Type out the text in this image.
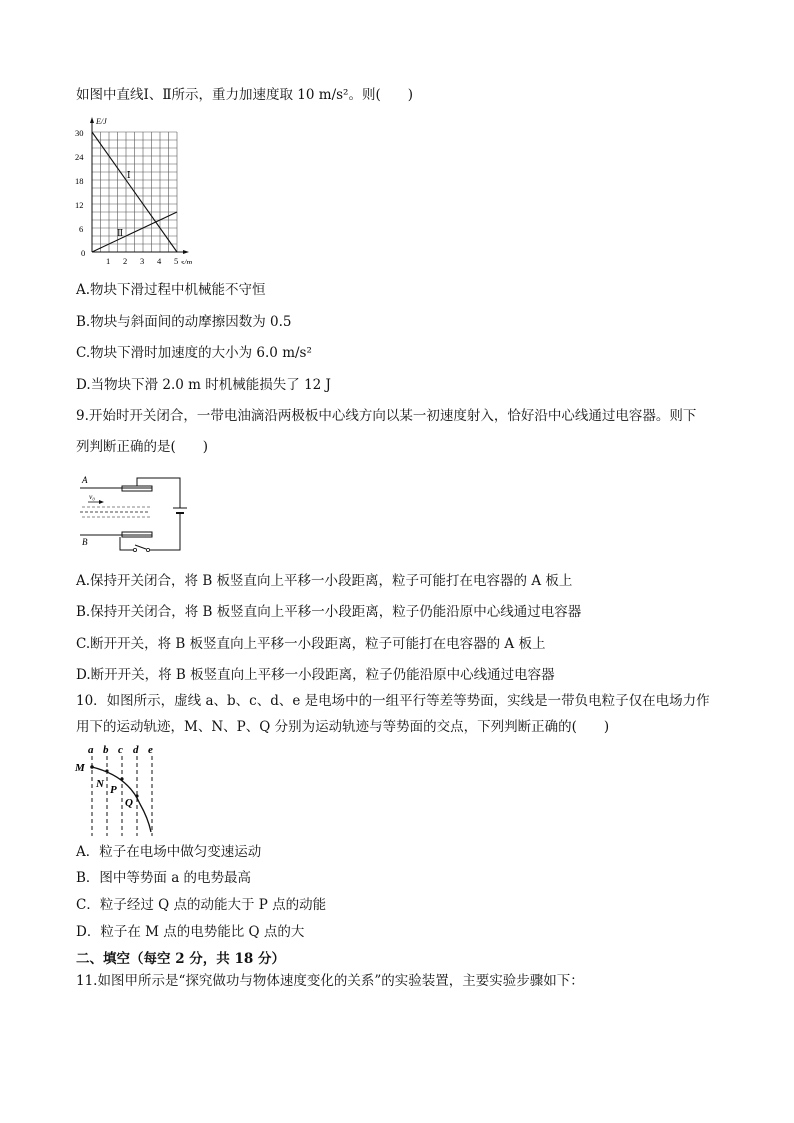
如图中直线Ⅰ、Ⅱ所示，重力加速度取 10 m/s²。则(　　)
E/J
s/m
0
30
24
18
12
6
1 2 3 4 5
Ⅰ
Ⅱ
A.物块下滑过程中机械能不守恒
B.物块与斜面间的动摩擦因数为 0.5
C.物块下滑时加速度的大小为 6.0 m/s²
D.当物块下滑 2.0 m 时机械能损失了 12 J
9.开始时开关闭合，一带电油滴沿两极板中心线方向以某一初速度射入，恰好沿中心线通过电容器。则下
列判断正确的是(　　)
A
B
v₀
A.保持开关闭合，将 B 板竖直向上平移一小段距离，粒子可能打在电容器的 A 板上
B.保持开关闭合，将 B 板竖直向上平移一小段距离，粒子仍能沿原中心线通过电容器
C.断开开关，将 B 板竖直向上平移一小段距离，粒子可能打在电容器的 A 板上
D.断开开关，将 B 板竖直向上平移一小段距离，粒子仍能沿原中心线通过电容器
10．如图所示，虚线 a、b、c、d、e 是电场中的一组平行等差等势面，实线是一带负电粒子仅在电场力作
用下的运动轨迹，M、N、P、Q 分别为运动轨迹与等势面的交点，下列判断正确的(　　)
a b c d e
M
N P
Q
A．粒子在电场中做匀变速运动
B．图中等势面 a 的电势最高
C．粒子经过 Q 点的动能大于 P 点的动能
D．粒子在 M 点的电势能比 Q 点的大
二、填空（每空 2 分，共 18 分）
11.如图甲所示是“探究做功与物体速度变化的关系”的实验装置，主要实验步骤如下：
